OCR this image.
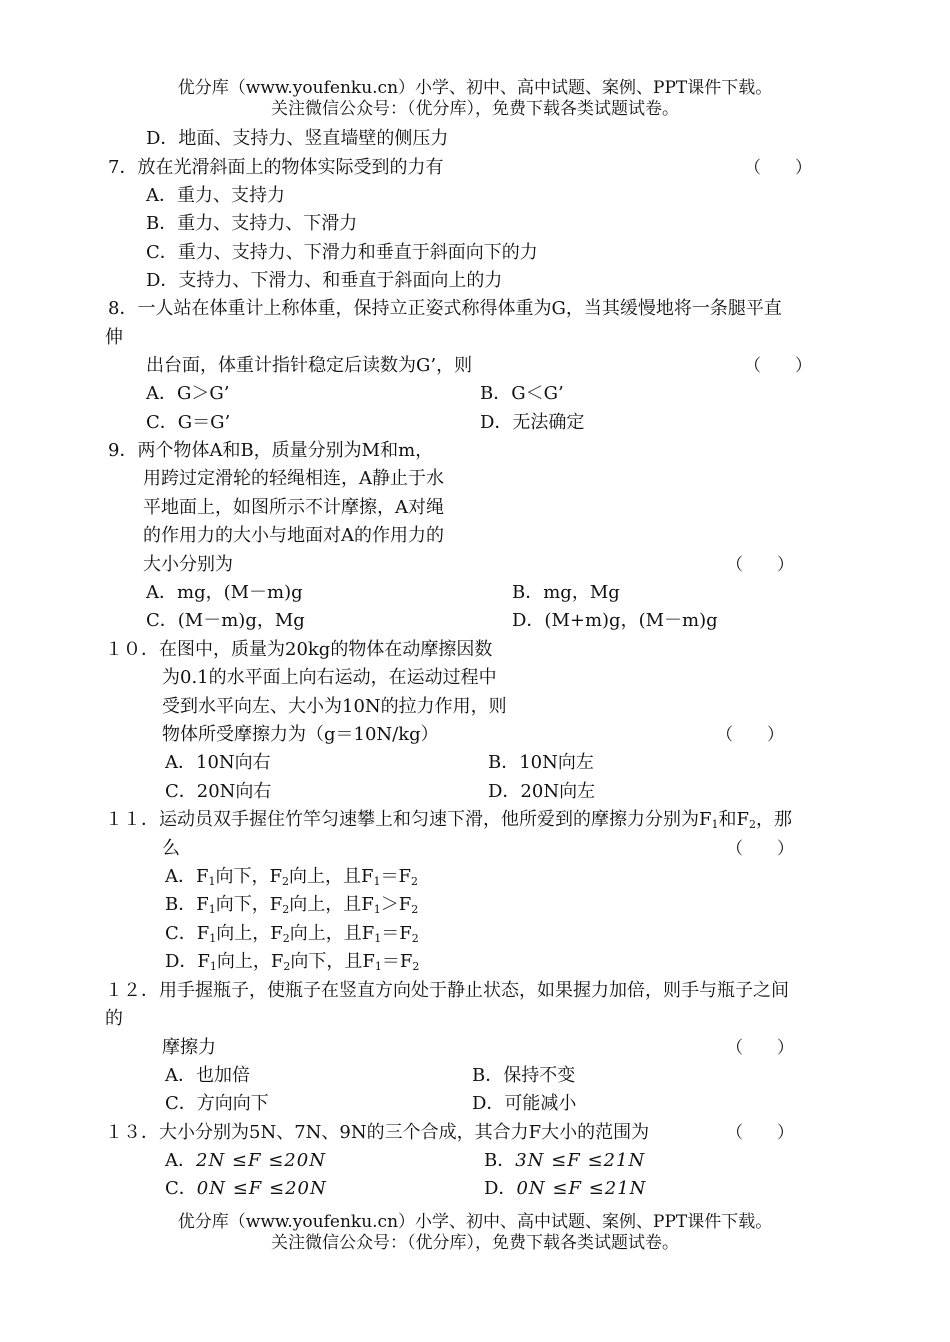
优分库（www.youfenku.cn）小学、初中、高中试题、案例、PPT课件下载。
关注微信公众号：（优分库），免费下载各类试题试卷。
D．地面、支持力、竖直墙壁的侧压力
7．放在光滑斜面上的物体实际受到的力有	（　　）
A．重力、支持力
B．重力、支持力、下滑力
C．重力、支持力、下滑力和垂直于斜面向下的力
D．支持力、下滑力、和垂直于斜面向上的力
8．一人站在体重计上称体重，保持立正姿式称得体重为G，当其缓慢地将一条腿平直
伸
出台面，体重计指针稳定后读数为G’，则	（　　）
A．G＞G’	B．G＜G’
C．G＝G’	D．无法确定
9．两个物体A和B，质量分别为M和m，
用跨过定滑轮的轻绳相连，A静止于水
平地面上，如图所示不计摩擦，A对绳
的作用力的大小与地面对A的作用力的
大小分别为	（　　）
A．mg，(M－m)g	B．mg，Mg
C．(M－m)g，Mg	D．(M+m)g，(M－m)g
１０．在图中，质量为20kg的物体在动摩擦因数
为0.1的水平面上向右运动，在运动过程中
受到水平向左、大小为10N的拉力作用，则
物体所受摩擦力为（g＝10N/kg）	（　　）
A．10N向右	B．10N向左
C．20N向右	D．20N向左
１１．运动员双手握住竹竿匀速攀上和匀速下滑，他所爱到的摩擦力分别为$F_1$和$F_2$，那
么	（　　）
A．$F_1$向下，$F_2$向上，且$F_1=F_2$
B．$F_1$向下，$F_2$向上，且$F_1>F_2$
C．$F_1$向上，$F_2$向上，且$F_1=F_2$
D．$F_1$向上，$F_2$向下，且$F_1=F_2$
１２．用手握瓶子，使瓶子在竖直方向处于静止状态，如果握力加倍，则手与瓶子之间
的
摩擦力	（　　）
A．也加倍	B．保持不变
C．方向向下	D．可能减小
１３．大小分别为5N、7N、9N的三个合成，其合力F大小的范围为	（　　）
A．2N ≤F ≤20N	B．3N ≤F ≤21N
C．0N ≤F ≤20N	D．0N ≤F ≤21N
优分库（www.youfenku.cn）小学、初中、高中试题、案例、PPT课件下载。
关注微信公众号：（优分库），免费下载各类试题试卷。
